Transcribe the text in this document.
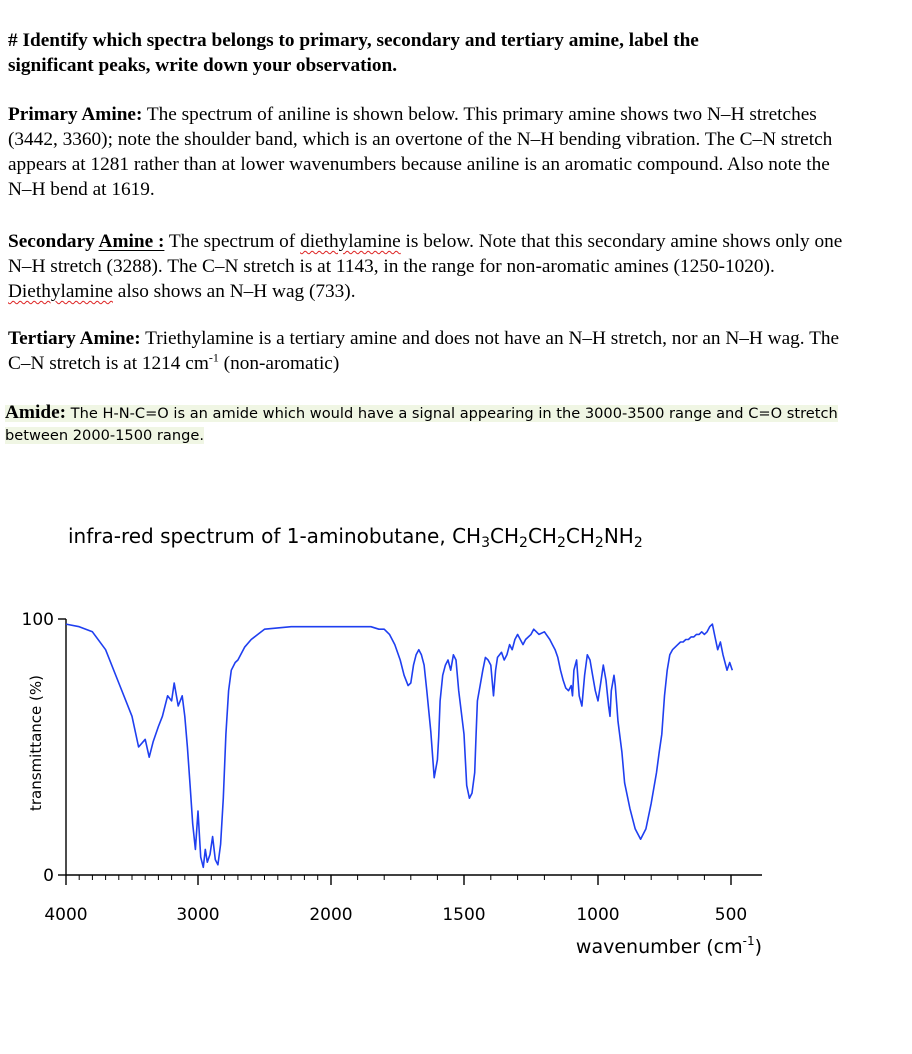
# Identify which spectra belongs to primary, secondary and tertiary amine, label the
significant peaks, write down your observation.

Primary Amine: The spectrum of aniline is shown below. This primary amine shows two N–H stretches (3442, 3360); note the shoulder band, which is an overtone of the N–H bending vibration. The C–N stretch appears at 1281 rather than at lower wavenumbers because aniline is an aromatic compound. Also note the N–H bend at 1619.

Secondary Amine : The spectrum of diethylamine is below. Note that this secondary amine shows only one N–H stretch (3288). The C–N stretch is at 1143, in the range for non-aromatic amines (1250-1020). Diethylamine also shows an N–H wag (733).

Tertiary Amine: Triethylamine is a tertiary amine and does not have an N–H stretch, nor an N–H wag. The C–N stretch is at 1214 $cm^{-1}$ (non-aromatic)

Amide: The H-N-C=O is an amide which would have a signal appearing in the 3000-3500 range and C=O stretch between 2000-1500 range.
infra-red spectrum of 1-aminobutane, $CH_3CH_2CH_2CH_2NH_2$
transmittance (%)
0
100
4000	3000	2000	1500	1000	500
wavenumber $(cm^{-1})$
